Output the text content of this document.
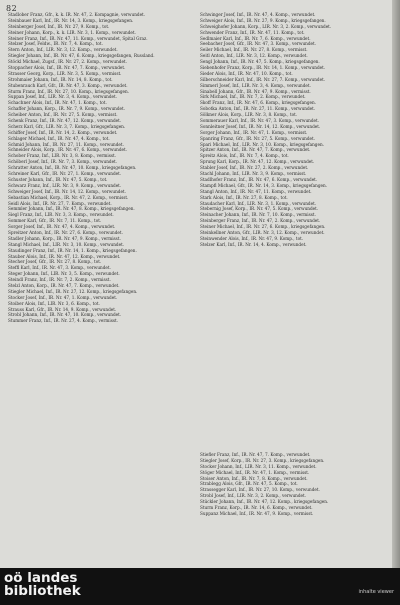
82
Stadlober Franz, Gfr., k. k. IR. Nr. 47, 2. Kompagnie, verwundet.
Steinbauer Karl, Inf., IR. Nr. 14, 3. Komp., kriegsgefangen.
Steinberger Josef, Inf., IR. Nr. 27, 9. Komp., tot.
Steiner Johann, Korp., k. k. LIR. Nr. 3, 1. Komp., verwundet.
Steiner Franz, Inf., IR. Nr. 47, 11. Komp., verwundet, Spital Graz.
Stelzer Josef, Feldw., IR. Nr. 7, 4. Komp., tot.
Stern Anton, Inf., LIR. Nr. 3, 12. Komp., verwundet.
Stiegler Johann, Inf., IR. Nr. 47, 6. Komp., kriegsgefangen, Russland.
Stöckl Michael, Zugsf., IR. Nr. 27, 2. Komp., verwundet.
Stoppacher Alois, Inf., IR. Nr. 47, 7. Komp., verwundet.
Strasser Georg, Korp., LIR. Nr. 3, 5. Komp., vermisst.
Strohmaier Johann, Inf., IR. Nr. 14, 8. Komp., tot.
Stubenrauch Karl, Gfr., IR. Nr. 47, 3. Komp., verwundet.
Sturm Franz, Inf., IR. Nr. 27, 10. Komp., kriegsgefangen.
Suppan Josef, Inf., LIR. Nr. 3, 4. Komp., verwundet.
Schachner Alois, Inf., IR. Nr. 47, 1. Komp., tot.
Schaffer Johann, Korp., IR. Nr. 7, 9. Komp., verwundet.
Scheiber Anton, Inf., IR. Nr. 27, 5. Komp., vermisst.
Schenk Franz, Inf., IR. Nr. 47, 12. Komp., verwundet.
Scherz Karl, Gfr., LIR. Nr. 3, 7. Komp., kriegsgefangen.
Schiffer Josef, Inf., IR. Nr. 14, 2. Komp., verwundet.
Schlager Michael, Inf., IR. Nr. 47, 4. Komp., tot.
Schmid Johann, Inf., IR. Nr. 27, 11. Komp., verwundet.
Schneider Alois, Korp., IR. Nr. 47, 6. Komp., verwundet.
Schober Franz, Inf., LIR. Nr. 3, 8. Komp., vermisst.
Schöberl Josef, Inf., IR. Nr. 7, 3. Komp., verwundet.
Schratter Anton, Inf., IR. Nr. 47, 10. Komp., kriegsgefangen.
Schreiner Karl, Gfr., IR. Nr. 27, 1. Komp., verwundet.
Schuster Johann, Inf., IR. Nr. 47, 5. Komp., tot.
Schwarz Franz, Inf., LIR. Nr. 3, 9. Komp., verwundet.
Schweiger Josef, Inf., IR. Nr. 14, 12. Komp., verwundet.
Sebastian Michael, Korp., IR. Nr. 47, 2. Komp., vermisst.
Seidl Alois, Inf., IR. Nr. 27, 7. Komp., verwundet.
Semmler Johann, Inf., IR. Nr. 47, 8. Komp., kriegsgefangen.
Siegl Franz, Inf., LIR. Nr. 3, 3. Komp., verwundet.
Sommer Karl, Gfr., IR. Nr. 7, 11. Komp., tot.
Sorger Josef, Inf., IR. Nr. 47, 4. Komp., verwundet.
Spreitzer Anton, Inf., IR. Nr. 27, 6. Komp., verwundet.
Stadler Johann, Korp., IR. Nr. 47, 9. Komp., vermisst.
Stangl Michael, Inf., LIR. Nr. 3, 10. Komp., verwundet.
Staudinger Franz, Inf., IR. Nr. 14, 1. Komp., kriegsgefangen.
Stauber Alois, Inf., IR. Nr. 47, 12. Komp., verwundet.
Stecher Josef, Gfr., IR. Nr. 27, 8. Komp., tot.
Steffl Karl, Inf., IR. Nr. 47, 3. Komp., verwundet.
Steger Johann, Inf., LIR. Nr. 3, 5. Komp., verwundet.
Steindl Franz, Inf., IR. Nr. 7, 2. Komp., vermisst.
Stelzl Anton, Korp., IR. Nr. 47, 7. Komp., verwundet.
Stiegler Michael, Inf., IR. Nr. 27, 12. Komp., kriegsgefangen.
Stocker Josef, Inf., IR. Nr. 47, 1. Komp., verwundet.
Stoiber Alois, Inf., LIR. Nr. 3, 6. Komp., tot.
Strauss Karl, Gfr., IR. Nr. 14, 9. Komp., verwundet.
Strobl Johann, Inf., IR. Nr. 47, 10. Komp., verwundet.
Stummer Franz, Inf., IR. Nr. 27, 4. Komp., vermisst.
Schwinger Josef, Inf., IR. Nr. 47, 4. Komp., verwundet.
Schweiger Alois, Inf., IR. Nr. 27, 9. Komp., kriegsgefangen.
Schweighofer Johann, Korp., LIR. Nr. 3, 2. Komp., verwundet.
Schwender Franz, Inf., IR. Nr. 47, 11. Komp., tot.
Sedlmaier Karl, Inf., IR. Nr. 7, 6. Komp., verwundet.
Seebacher Josef, Gfr., IR. Nr. 47, 3. Komp., verwundet.
Seiler Michael, Inf., IR. Nr. 27, 8. Komp., vermisst.
Seitl Anton, Inf., LIR. Nr. 3, 12. Komp., verwundet.
Sengl Johann, Inf., IR. Nr. 47, 5. Komp., kriegsgefangen.
Siebenhofer Franz, Korp., IR. Nr. 14, 1. Komp., verwundet.
Sieder Alois, Inf., IR. Nr. 47, 10. Komp., tot.
Silberschneider Karl, Inf., IR. Nr. 27, 7. Komp., verwundet.
Simmerl Josef, Inf., LIR. Nr. 3, 4. Komp., verwundet.
Sinabell Johann, Gfr., IR. Nr. 47, 9. Komp., vermisst.
Sirk Michael, Inf., IR. Nr. 7, 2. Komp., verwundet.
Skoff Franz, Inf., IR. Nr. 47, 6. Komp., kriegsgefangen.
Sobotka Anton, Inf., IR. Nr. 27, 11. Komp., verwundet.
Sölkner Alois, Korp., LIR. Nr. 3, 8. Komp., tot.
Sommerauer Karl, Inf., IR. Nr. 47, 3. Komp., verwundet.
Sonnleitner Josef, Inf., IR. Nr. 14, 12. Komp., verwundet.
Sorger Johann, Inf., IR. Nr. 47, 1. Komp., vermisst.
Spanring Franz, Gfr., IR. Nr. 27, 5. Komp., verwundet.
Spari Michael, Inf., LIR. Nr. 3, 10. Komp., kriegsgefangen.
Spitzer Anton, Inf., IR. Nr. 47, 7. Komp., verwundet.
Spreitz Alois, Inf., IR. Nr. 7, 4. Komp., tot.
Sprung Karl, Korp., IR. Nr. 47, 12. Komp., verwundet.
Stabler Josef, Inf., IR. Nr. 27, 2. Komp., verwundet.
Stachl Johann, Inf., LIR. Nr. 3, 9. Komp., vermisst.
Stadlhofer Franz, Inf., IR. Nr. 47, 6. Komp., verwundet.
Stampfl Michael, Gfr., IR. Nr. 14, 3. Komp., kriegsgefangen.
Stangl Anton, Inf., IR. Nr. 47, 11. Komp., verwundet.
Stark Alois, Inf., IR. Nr. 27, 8. Komp., tot.
Staudacher Karl, Inf., LIR. Nr. 3, 1. Komp., verwundet.
Stebernig Josef, Korp., IR. Nr. 47, 5. Komp., verwundet.
Steinacher Johann, Inf., IR. Nr. 7, 10. Komp., vermisst.
Steinberger Franz, Inf., IR. Nr. 47, 2. Komp., verwundet.
Steiner Michael, Inf., IR. Nr. 27, 6. Komp., kriegsgefangen.
Steinkellner Anton, Gfr., LIR. Nr. 3, 12. Komp., verwundet.
Steinwender Alois, Inf., IR. Nr. 47, 9. Komp., tot.
Stelzer Karl, Inf., IR. Nr. 14, 4. Komp., verwundet.
Stiefler Franz, Inf., IR. Nr. 47, 7. Komp., verwundet.
Stiegler Josef, Korp., IR. Nr. 27, 3. Komp., kriegsgefangen.
Stocker Johann, Inf., LIR. Nr. 3, 11. Komp., verwundet.
Stöger Michael, Inf., IR. Nr. 47, 1. Komp., vermisst.
Stoiser Anton, Inf., IR. Nr. 7, 8. Komp., verwundet.
Strablegg Alois, Gfr., IR. Nr. 47, 5. Komp., tot.
Strassegger Karl, Inf., IR. Nr. 27, 10. Komp., verwundet.
Strobl Josef, Inf., LIR. Nr. 3, 2. Komp., verwundet.
Stückler Johann, Inf., IR. Nr. 47, 12. Komp., kriegsgefangen.
Sturm Franz, Korp., IR. Nr. 14, 6. Komp., verwundet.
Suppanz Michael, Inf., IR. Nr. 47, 9. Komp., vermisst.
oö landes
bibliothek	inhalte viewer
